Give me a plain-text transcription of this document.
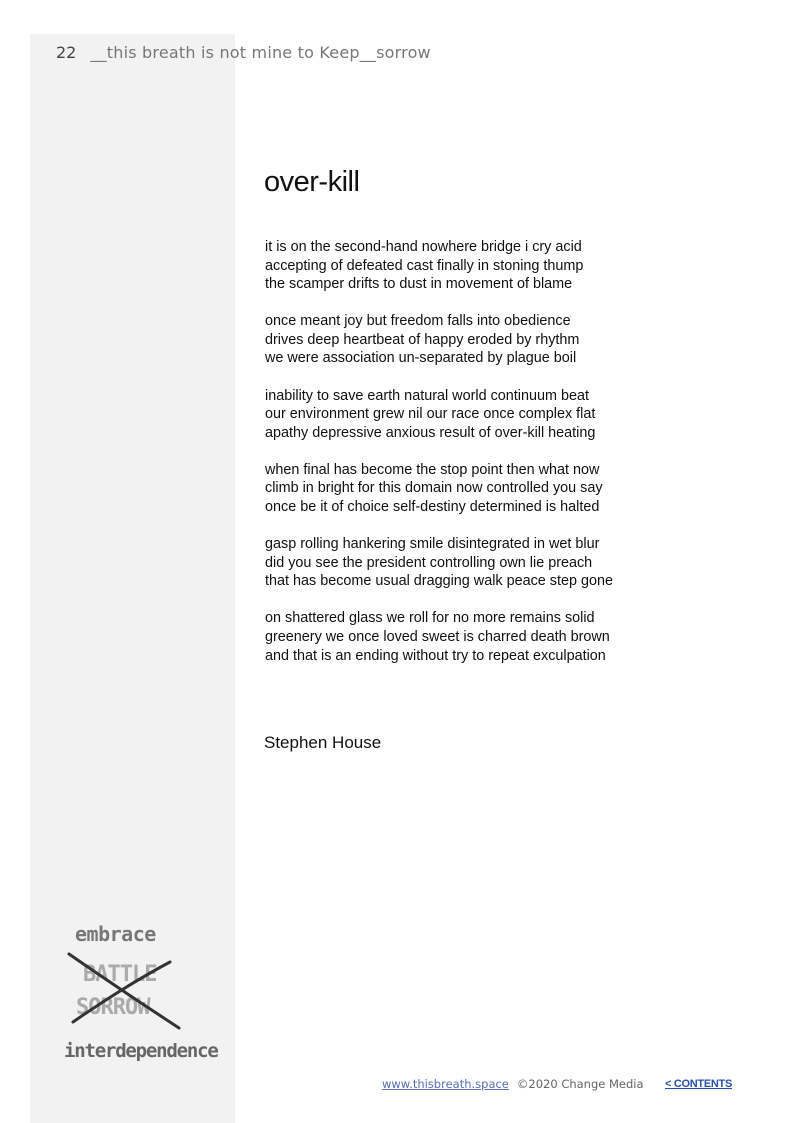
22 __this breath is not mine to Keep__sorrow
over-kill
it is on the second-hand nowhere bridge i cry acid
accepting of defeated cast finally in stoning thump
the scamper drifts to dust in movement of blame
once meant joy but freedom falls into obedience
drives deep heartbeat of happy eroded by rhythm
we were association un-separated by plague boil
inability to save earth natural world continuum beat
our environment grew nil our race once complex flat
apathy depressive anxious result of over-kill heating
when final has become the stop point then what now
climb in bright for this domain now controlled you say
once be it of choice self-destiny determined is halted
gasp rolling hankering smile disintegrated in wet blur
did you see the president controlling own lie preach
that has become usual dragging walk peace step gone
on shattered glass we roll for no more remains solid
greenery we once loved sweet is charred death brown
and that is an ending without try to repeat exculpation
Stephen House
embrace
BATTLE
SORROW
interdependence
www.thisbreath.space ©2020 Change Media < CONTENTS
